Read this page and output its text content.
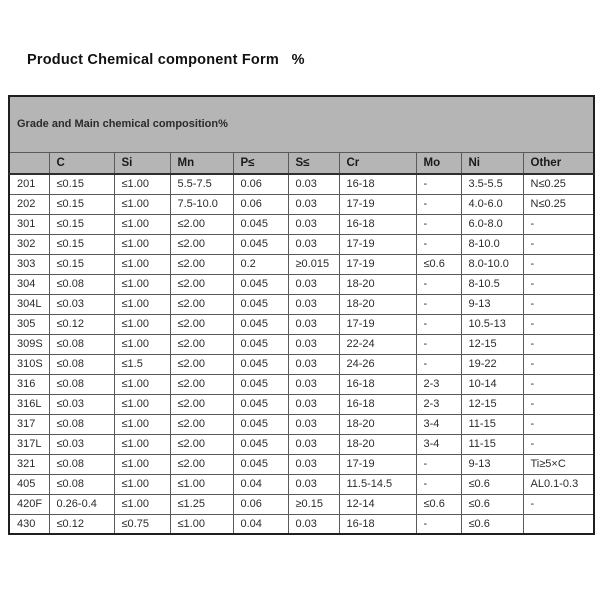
Product Chemical component Form   %
Grade and Main chemical composition%									
	C	Si	Mn	P≤	S≤	Cr	Mo	Ni	Other
201	≤0.15	≤1.00	5.5-7.5	0.06	0.03	16-18	-	3.5-5.5	N≤0.25
202	≤0.15	≤1.00	7.5-10.0	0.06	0.03	17-19	-	4.0-6.0	N≤0.25
301	≤0.15	≤1.00	≤2.00	0.045	0.03	16-18	-	6.0-8.0	-
302	≤0.15	≤1.00	≤2.00	0.045	0.03	17-19	-	8-10.0	-
303	≤0.15	≤1.00	≤2.00	0.2	≥0.015	17-19	≤0.6	8.0-10.0	-
304	≤0.08	≤1.00	≤2.00	0.045	0.03	18-20	-	8-10.5	-
304L	≤0.03	≤1.00	≤2.00	0.045	0.03	18-20	-	9-13	-
305	≤0.12	≤1.00	≤2.00	0.045	0.03	17-19	-	10.5-13	-
309S	≤0.08	≤1.00	≤2.00	0.045	0.03	22-24	-	12-15	-
310S	≤0.08	≤1.5	≤2.00	0.045	0.03	24-26	-	19-22	-
316	≤0.08	≤1.00	≤2.00	0.045	0.03	16-18	2-3	10-14	-
316L	≤0.03	≤1.00	≤2.00	0.045	0.03	16-18	2-3	12-15	-
317	≤0.08	≤1.00	≤2.00	0.045	0.03	18-20	3-4	11-15	-
317L	≤0.03	≤1.00	≤2.00	0.045	0.03	18-20	3-4	11-15	-
321	≤0.08	≤1.00	≤2.00	0.045	0.03	17-19	-	9-13	Ti≥5×C
405	≤0.08	≤1.00	≤1.00	0.04	0.03	11.5-14.5	-	≤0.6	AL0.1-0.3
420F	0.26-0.4	≤1.00	≤1.25	0.06	≥0.15	12-14	≤0.6	≤0.6	-
430	≤0.12	≤0.75	≤1.00	0.04	0.03	16-18	-	≤0.6	
